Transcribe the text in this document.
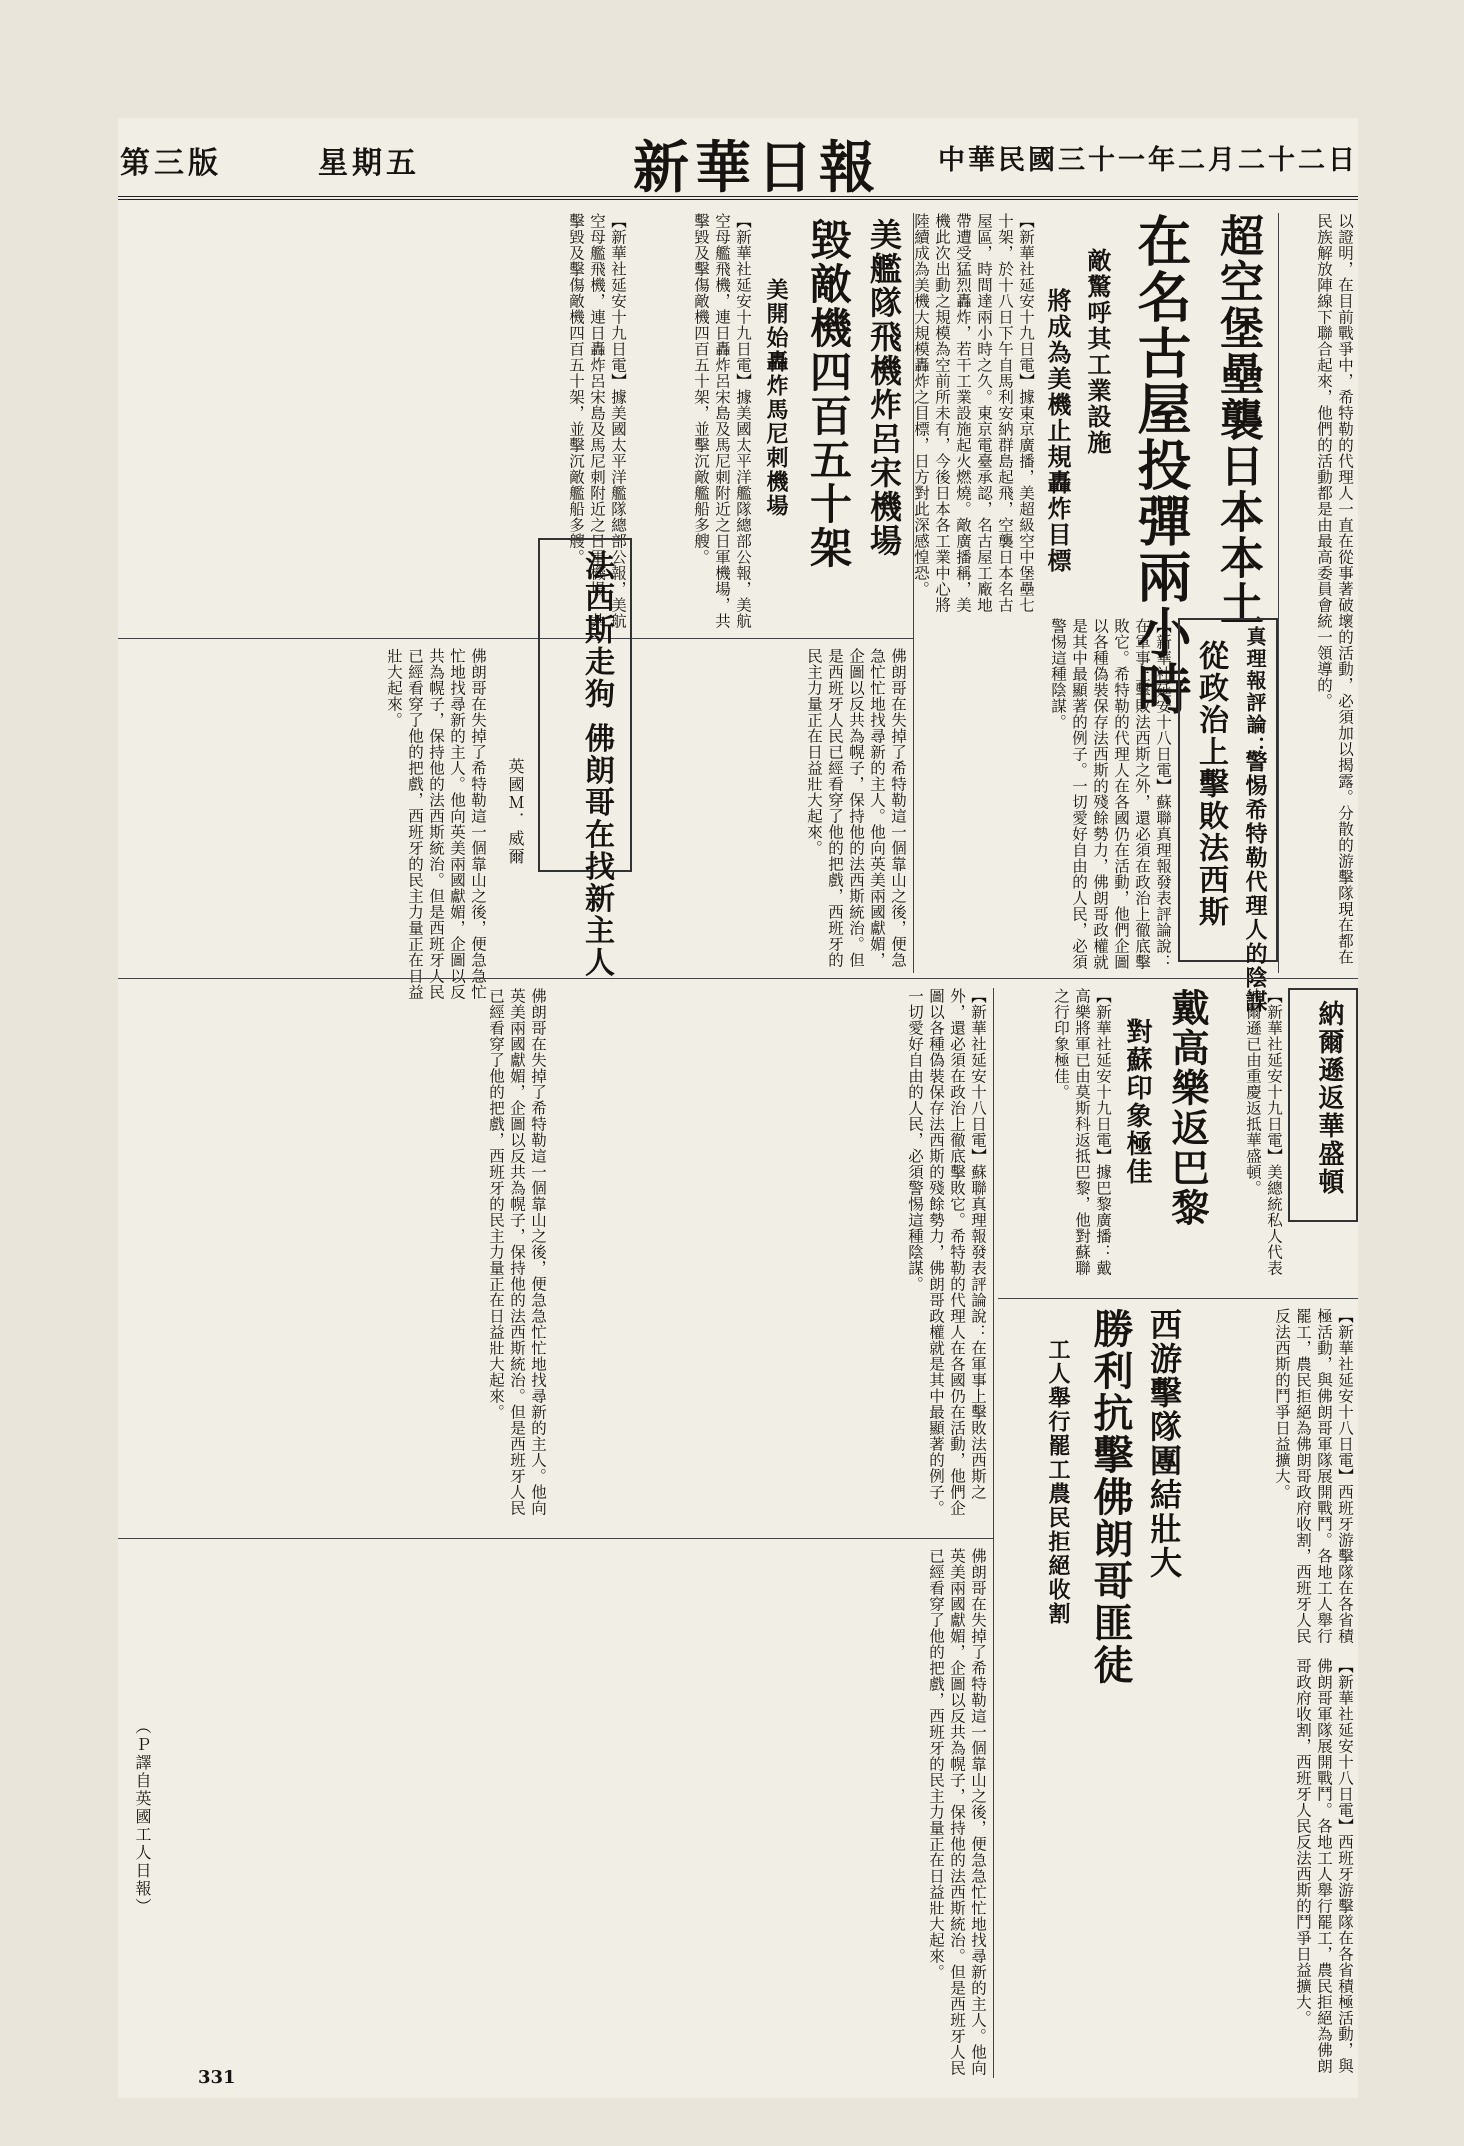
第三版	星期五	新華日報 中華民國三十一年二月二十二日
超空堡壘襲日本本土
在名古屋投彈兩小時
敵驚呼其工業設施
將成為美機止規轟炸目標
【新華社延安十九日電】據東京廣播，美超級空中堡壘七十架，於十八日下午自馬利安納群島起飛，空襲日本名古屋區，時間達兩小時之久。東京電臺承認，名古屋工廠地帶遭受猛烈轟炸，若干工業設施起火燃燒。敵廣播稱，美機此次出動之規模為空前所未有，今後日本各工業中心將陸續成為美機大規模轟炸之目標，日方對此深感惶恐。
美艦隊飛機炸呂宋機場
毀敵機四百五十架
美開始轟炸馬尼刺機場
【新華社延安十九日電】據美國太平洋艦隊總部公報，美航空母艦飛機，連日轟炸呂宋島及馬尼刺附近之日軍機場，共擊毀及擊傷敵機四百五十架，並擊沉敵艦船多艘。
【新華社延安十九日電】據美國太平洋艦隊總部公報，美航空母艦飛機，連日轟炸呂宋島及馬尼刺附近之日軍機場，共擊毀及擊傷敵機四百五十架，並擊沉敵艦船多艘。
法西斯走狗 佛朗哥在找新主人
英國Ｍ．威爾
佛朗哥在失掉了希特勒這一個靠山之後，便急急忙忙地找尋新的主人。他向英美兩國獻媚，企圖以反共為幌子，保持他的法西斯統治。但是西班牙人民已經看穿了他的把戲，西班牙的民主力量正在日益壯大起來。	佛朗哥在失掉了希特勒這一個靠山之後，便急急忙忙地找尋新的主人。他向英美兩國獻媚，企圖以反共為幌子，保持他的法西斯統治。但是西班牙人民已經看穿了他的把戲，西班牙的民主力量正在日益壯大起來。	以證明，在目前戰爭中，希特勒的代理人一直在從事著破壞的活動，必須加以揭露。分散的游擊隊現在都在民族解放陣線下聯合起來，他們的活動都是由最高委員會統一領導的。
真理報評論：
警惕希特勒代理人的陰謀
從政治上擊敗法西斯
【新華社延安十八日電】蘇聯真理報發表評論說：在軍事上擊敗法西斯之外，還必須在政治上徹底擊敗它。希特勒的代理人在各國仍在活動，他們企圖以各種偽裝保存法西斯的殘餘勢力，佛朗哥政權就是其中最顯著的例子。一切愛好自由的人民，必須警惕這種陰謀。
納爾遜返華盛頓
【新華社延安十九日電】美總統私人代表納爾遜已由重慶返抵華盛頓。
戴高樂返巴黎
對蘇印象極佳
【新華社延安十九日電】據巴黎廣播：戴高樂將軍已由莫斯科返抵巴黎，他對蘇聯之行印象極佳。
西游擊隊團結壯大
勝利抗擊佛朗哥匪徒
工人舉行罷工農民拒絕收割	【新華社延安十八日電】西班牙游擊隊在各省積極活動，與佛朗哥軍隊展開戰鬥。各地工人舉行罷工，農民拒絕為佛朗哥政府收割，西班牙人民反法西斯的鬥爭日益擴大。
【新華社延安十八日電】西班牙游擊隊在各省積極活動，與佛朗哥軍隊展開戰鬥。各地工人舉行罷工，農民拒絕為佛朗哥政府收割，西班牙人民反法西斯的鬥爭日益擴大。
【新華社延安十八日電】蘇聯真理報發表評論說：在軍事上擊敗法西斯之外，還必須在政治上徹底擊敗它。希特勒的代理人在各國仍在活動，他們企圖以各種偽裝保存法西斯的殘餘勢力，佛朗哥政權就是其中最顯著的例子。一切愛好自由的人民，必須警惕這種陰謀。
佛朗哥在失掉了希特勒這一個靠山之後，便急急忙忙地找尋新的主人。他向英美兩國獻媚，企圖以反共為幌子，保持他的法西斯統治。但是西班牙人民已經看穿了他的把戲，西班牙的民主力量正在日益壯大起來。
佛朗哥在失掉了希特勒這一個靠山之後，便急急忙忙地找尋新的主人。他向英美兩國獻媚，企圖以反共為幌子，保持他的法西斯統治。但是西班牙人民已經看穿了他的把戲，西班牙的民主力量正在日益壯大起來。
（Ｐ譯自英國工人日報）
331
